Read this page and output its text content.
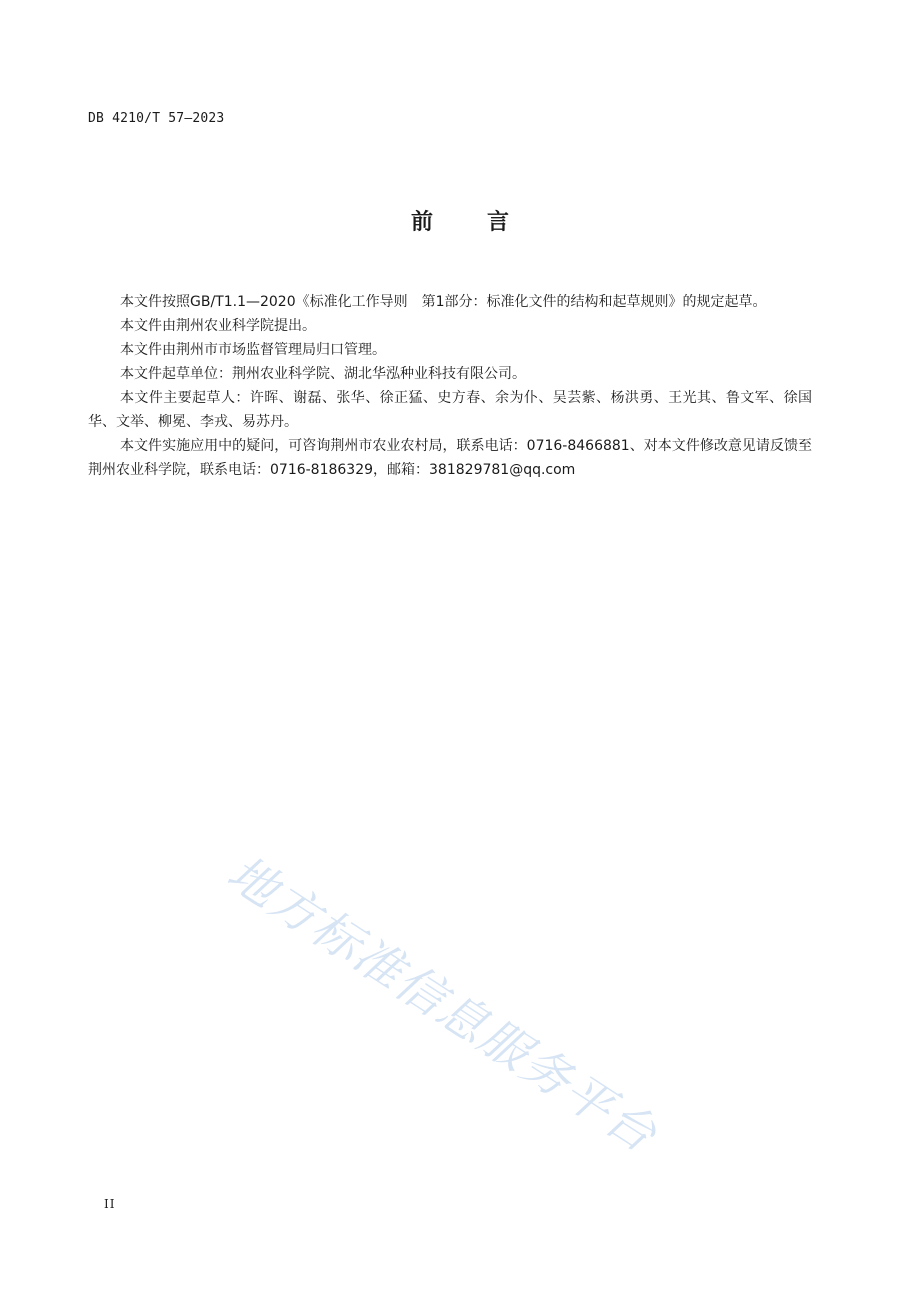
DB 4210/T 57—2023
前 言

本文件按照GB/T1.1—2020《标准化工作导则　第1部分：标准化文件的结构和起草规则》的规定起草。

本文件由荆州农业科学院提出。

本文件由荆州市市场监督管理局归口管理。

本文件起草单位：荆州农业科学院、湖北华泓种业科技有限公司。

本文件主要起草人：许晖、谢磊、张华、徐正猛、史方春、余为仆、吴芸紫、杨洪勇、王光其、鲁文军、徐国华、文举、柳冕、李戎、易苏丹。

本文件实施应用中的疑问，可咨询荆州市农业农村局，联系电话：0716-8466881、对本文件修改意见请反馈至荆州农业科学院，联系电话：0716-8186329，邮箱：381829781@qq.com

地方标准信息服务平台
II
